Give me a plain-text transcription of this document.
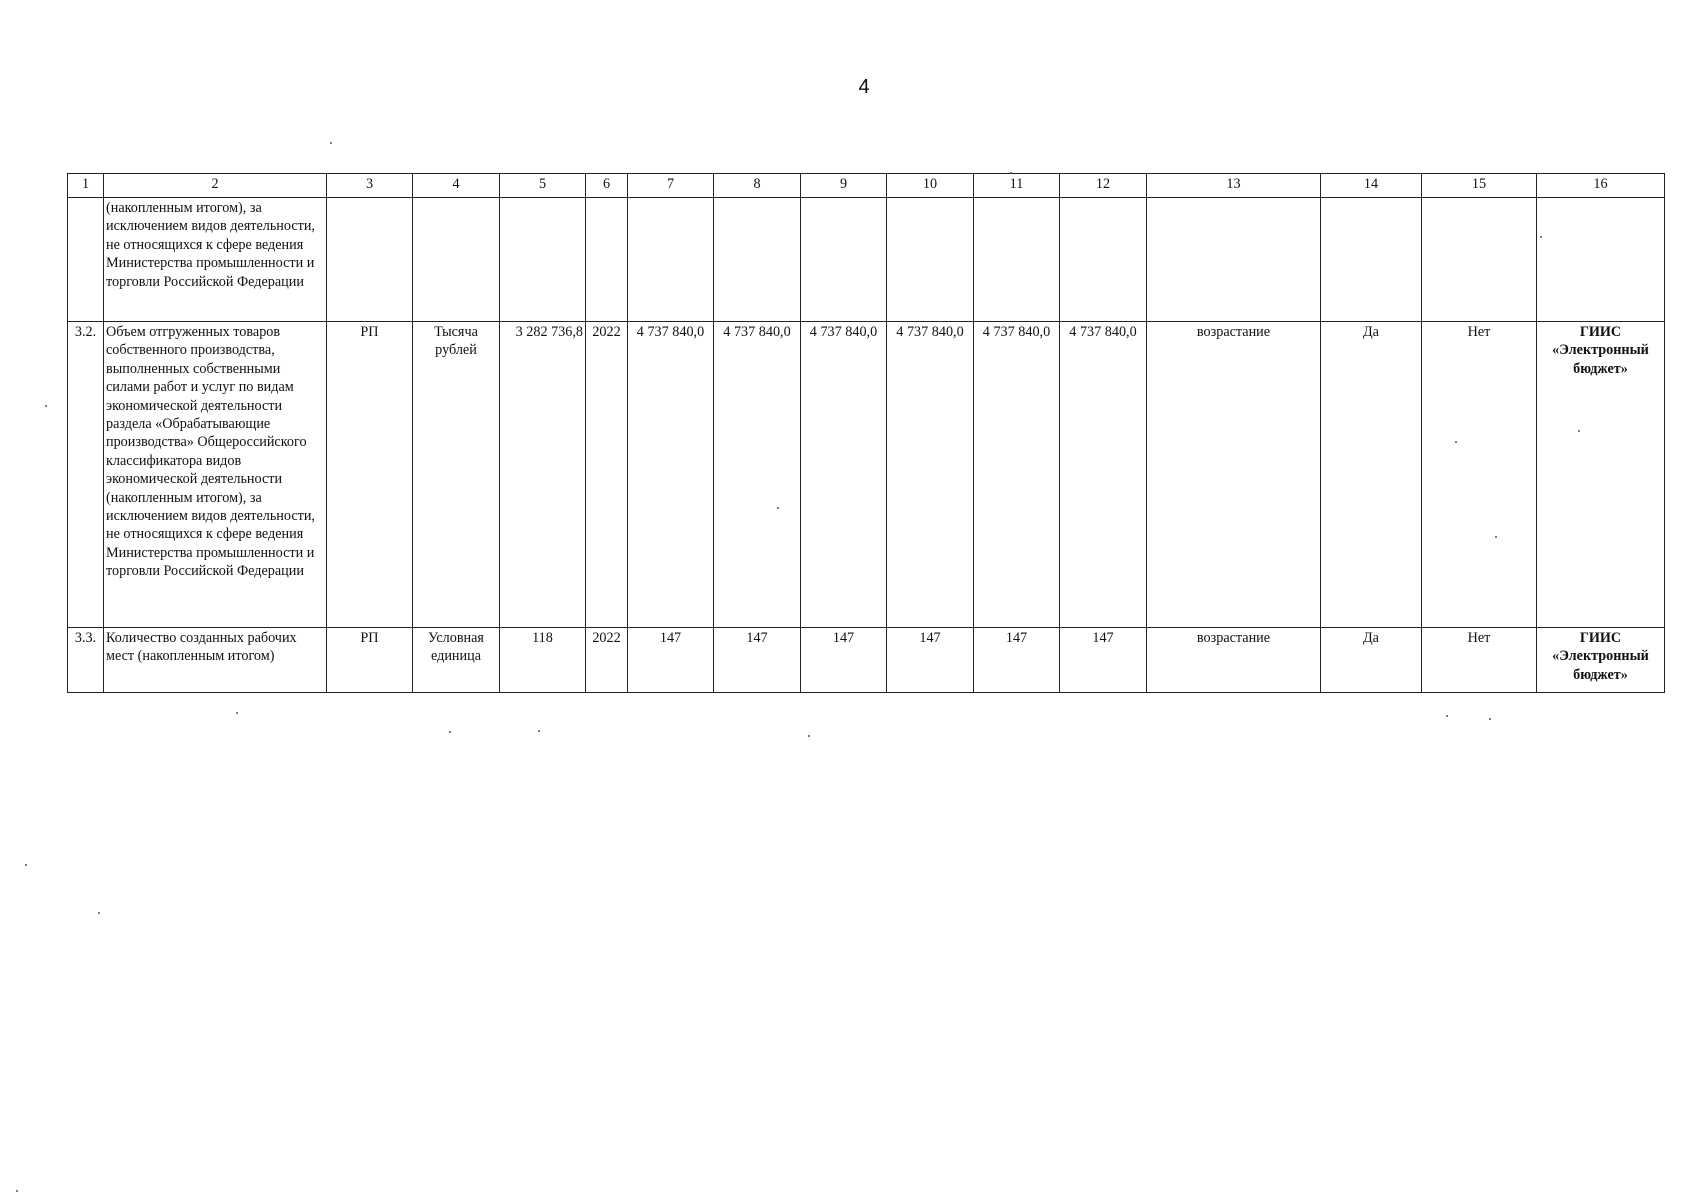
4
1	2	3	4	5	6	7	8	9	10	11	12	13	14	15	16
	(накопленным итогом), за исключением видов деятельности, не относящихся к сфере ведения Министерства промышленности и торговли Российской Федерации														
3.2.	Объем отгруженных товаров собственного производства, выполненных собственными силами работ и услуг по видам экономической деятельности раздела «Обрабатывающие производства» Общероссийского классификатора видов экономической деятельности (накопленным итогом), за исключением видов деятельности, не относящихся к сфере ведения Министерства промышленности и торговли Российской Федерации	РП	Тысяча рублей	3 282 736,8	2022	4 737 840,0	4 737 840,0	4 737 840,0	4 737 840,0	4 737 840,0	4 737 840,0	возрастание	Да	Нет	ГИИС «Электронный бюджет»
3.3.	Количество созданных рабочих мест (накопленным итогом)	РП	Условная единица	118	2022	147	147	147	147	147	147	возрастание	Да	Нет	ГИИС «Электронный бюджет»
